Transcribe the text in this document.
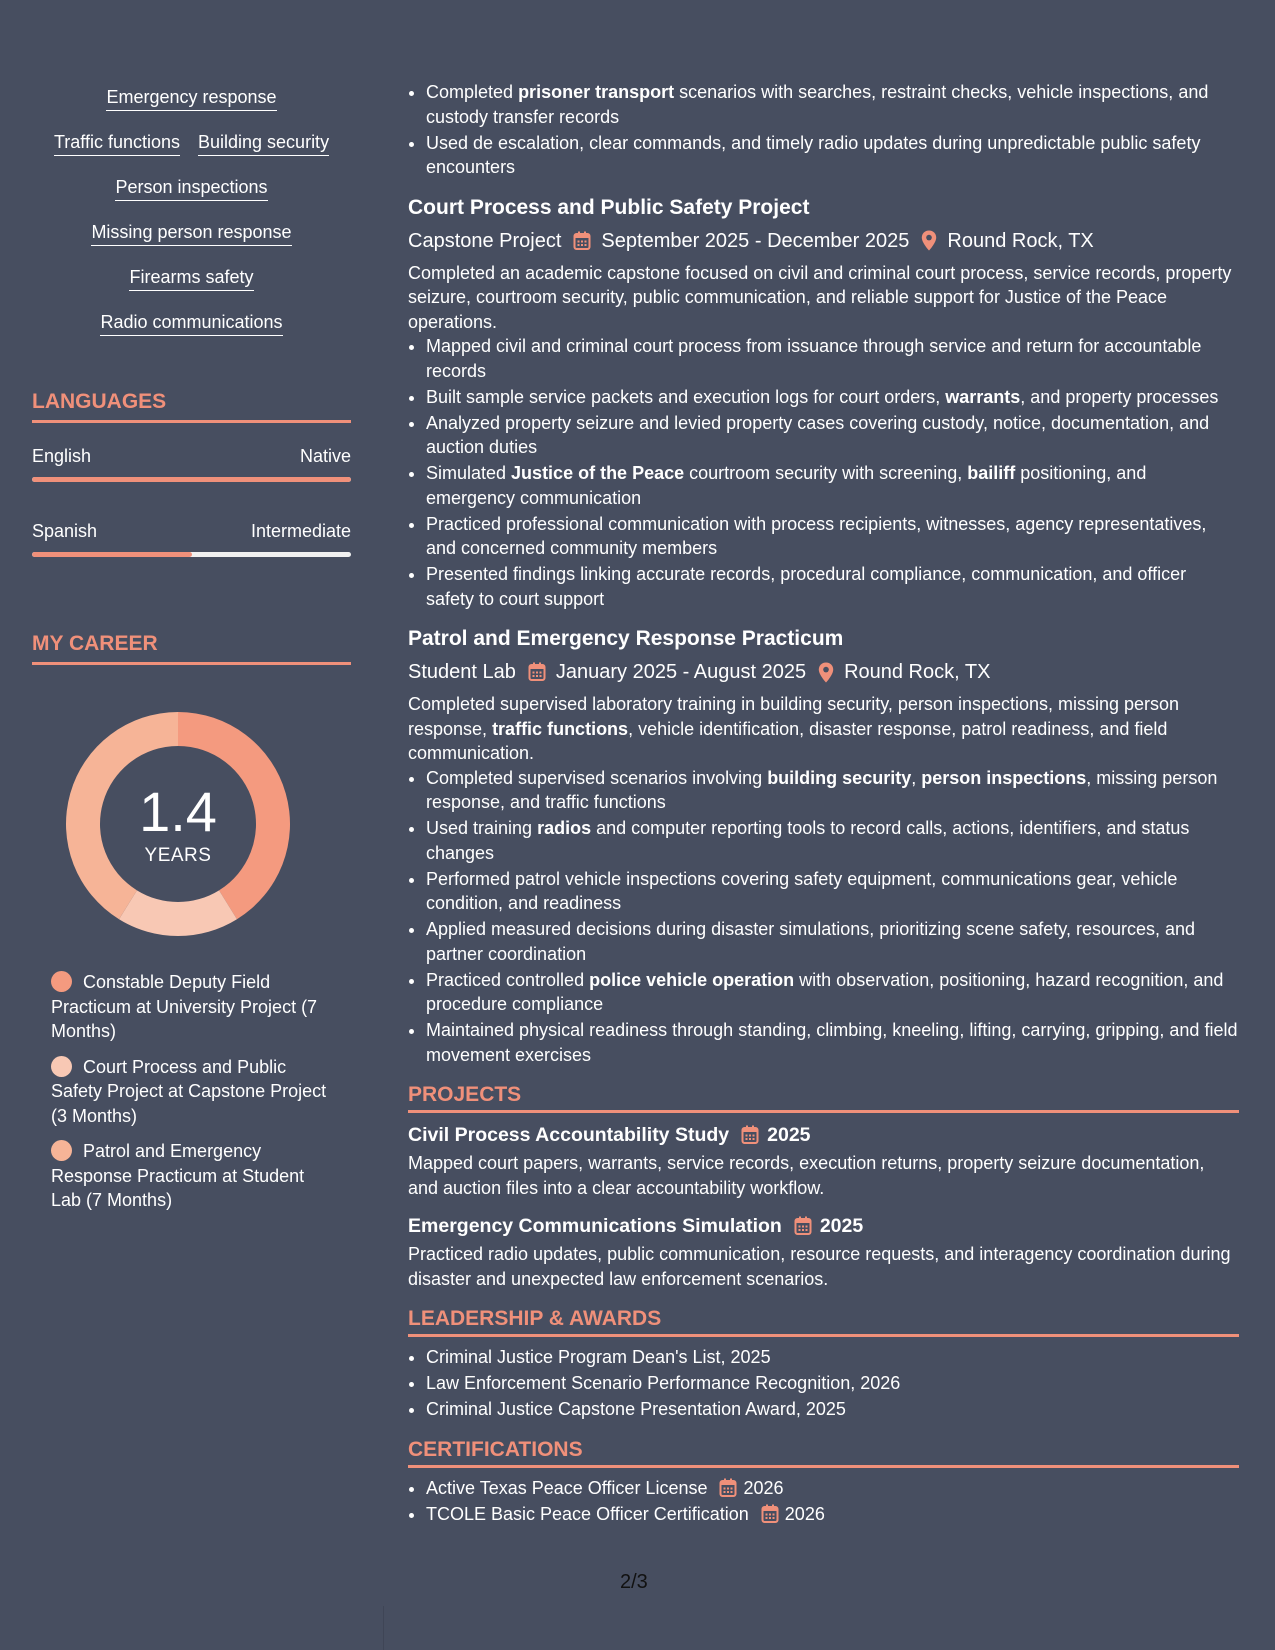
Emergency response
Traffic functions Building security
Person inspections
Missing person response
Firearms safety
Radio communications
LANGUAGES
English	Native
Spanish	Intermediate
MY CAREER
1.4
YEARS
Constable Deputy Field Practicum at University Project (7 Months)
Court Process and Public Safety Project at Capstone Project (3 Months)
Patrol and Emergency Response Practicum at Student Lab (7 Months)
• Completed prisoner transport scenarios with searches, restraint checks, vehicle inspections, and custody transfer records
• Used de escalation, clear commands, and timely radio updates during unpredictable public safety encounters
Court Process and Public Safety Project
Capstone Project September 2025 - December 2025 Round Rock, TX
Completed an academic capstone focused on civil and criminal court process, service records, property seizure, courtroom security, public communication, and reliable support for Justice of the Peace operations.
• Mapped civil and criminal court process from issuance through service and return for accountable records
• Built sample service packets and execution logs for court orders, warrants, and property processes
• Analyzed property seizure and levied property cases covering custody, notice, documentation, and auction duties
• Simulated Justice of the Peace courtroom security with screening, bailiff positioning, and emergency communication
• Practiced professional communication with process recipients, witnesses, agency representatives, and concerned community members
• Presented findings linking accurate records, procedural compliance, communication, and officer safety to court support
Patrol and Emergency Response Practicum
Student Lab January 2025 - August 2025 Round Rock, TX
Completed supervised laboratory training in building security, person inspections, missing person response, traffic functions, vehicle identification, disaster response, patrol readiness, and field communication.
• Completed supervised scenarios involving building security, person inspections, missing person response, and traffic functions
• Used training radios and computer reporting tools to record calls, actions, identifiers, and status changes
• Performed patrol vehicle inspections covering safety equipment, communications gear, vehicle condition, and readiness
• Applied measured decisions during disaster simulations, prioritizing scene safety, resources, and partner coordination
• Practiced controlled police vehicle operation with observation, positioning, hazard recognition, and procedure compliance
• Maintained physical readiness through standing, climbing, kneeling, lifting, carrying, gripping, and field movement exercises
PROJECTS
Civil Process Accountability Study 2025
Mapped court papers, warrants, service records, execution returns, property seizure documentation, and auction files into a clear accountability workflow.
Emergency Communications Simulation 2025
Practiced radio updates, public communication, resource requests, and interagency coordination during disaster and unexpected law enforcement scenarios.
LEADERSHIP & AWARDS
• Criminal Justice Program Dean's List, 2025
• Law Enforcement Scenario Performance Recognition, 2026
• Criminal Justice Capstone Presentation Award, 2025
CERTIFICATIONS
• Active Texas Peace Officer License 2026
• TCOLE Basic Peace Officer Certification 2026
2/3
